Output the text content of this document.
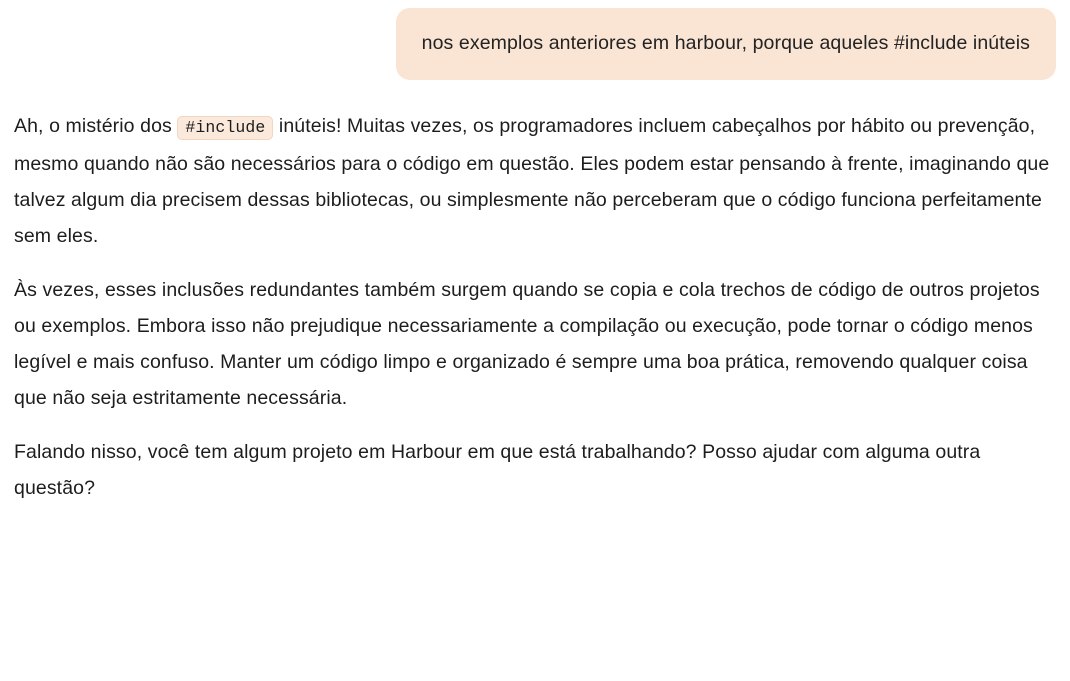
nos exemplos anteriores em harbour, porque aqueles #include inúteis

Ah, o mistério dos #include inúteis! Muitas vezes, os programadores incluem cabeçalhos por hábito ou prevenção, mesmo quando não são necessários para o código em questão. Eles podem estar pensando à frente, imaginando que talvez algum dia precisem dessas bibliotecas, ou simplesmente não perceberam que o código funciona perfeitamente sem eles.

Às vezes, esses inclusões redundantes também surgem quando se copia e cola trechos de código de outros projetos ou exemplos. Embora isso não prejudique necessariamente a compilação ou execução, pode tornar o código menos legível e mais confuso. Manter um código limpo e organizado é sempre uma boa prática, removendo qualquer coisa que não seja estritamente necessária.

Falando nisso, você tem algum projeto em Harbour em que está trabalhando? Posso ajudar com alguma outra questão?
